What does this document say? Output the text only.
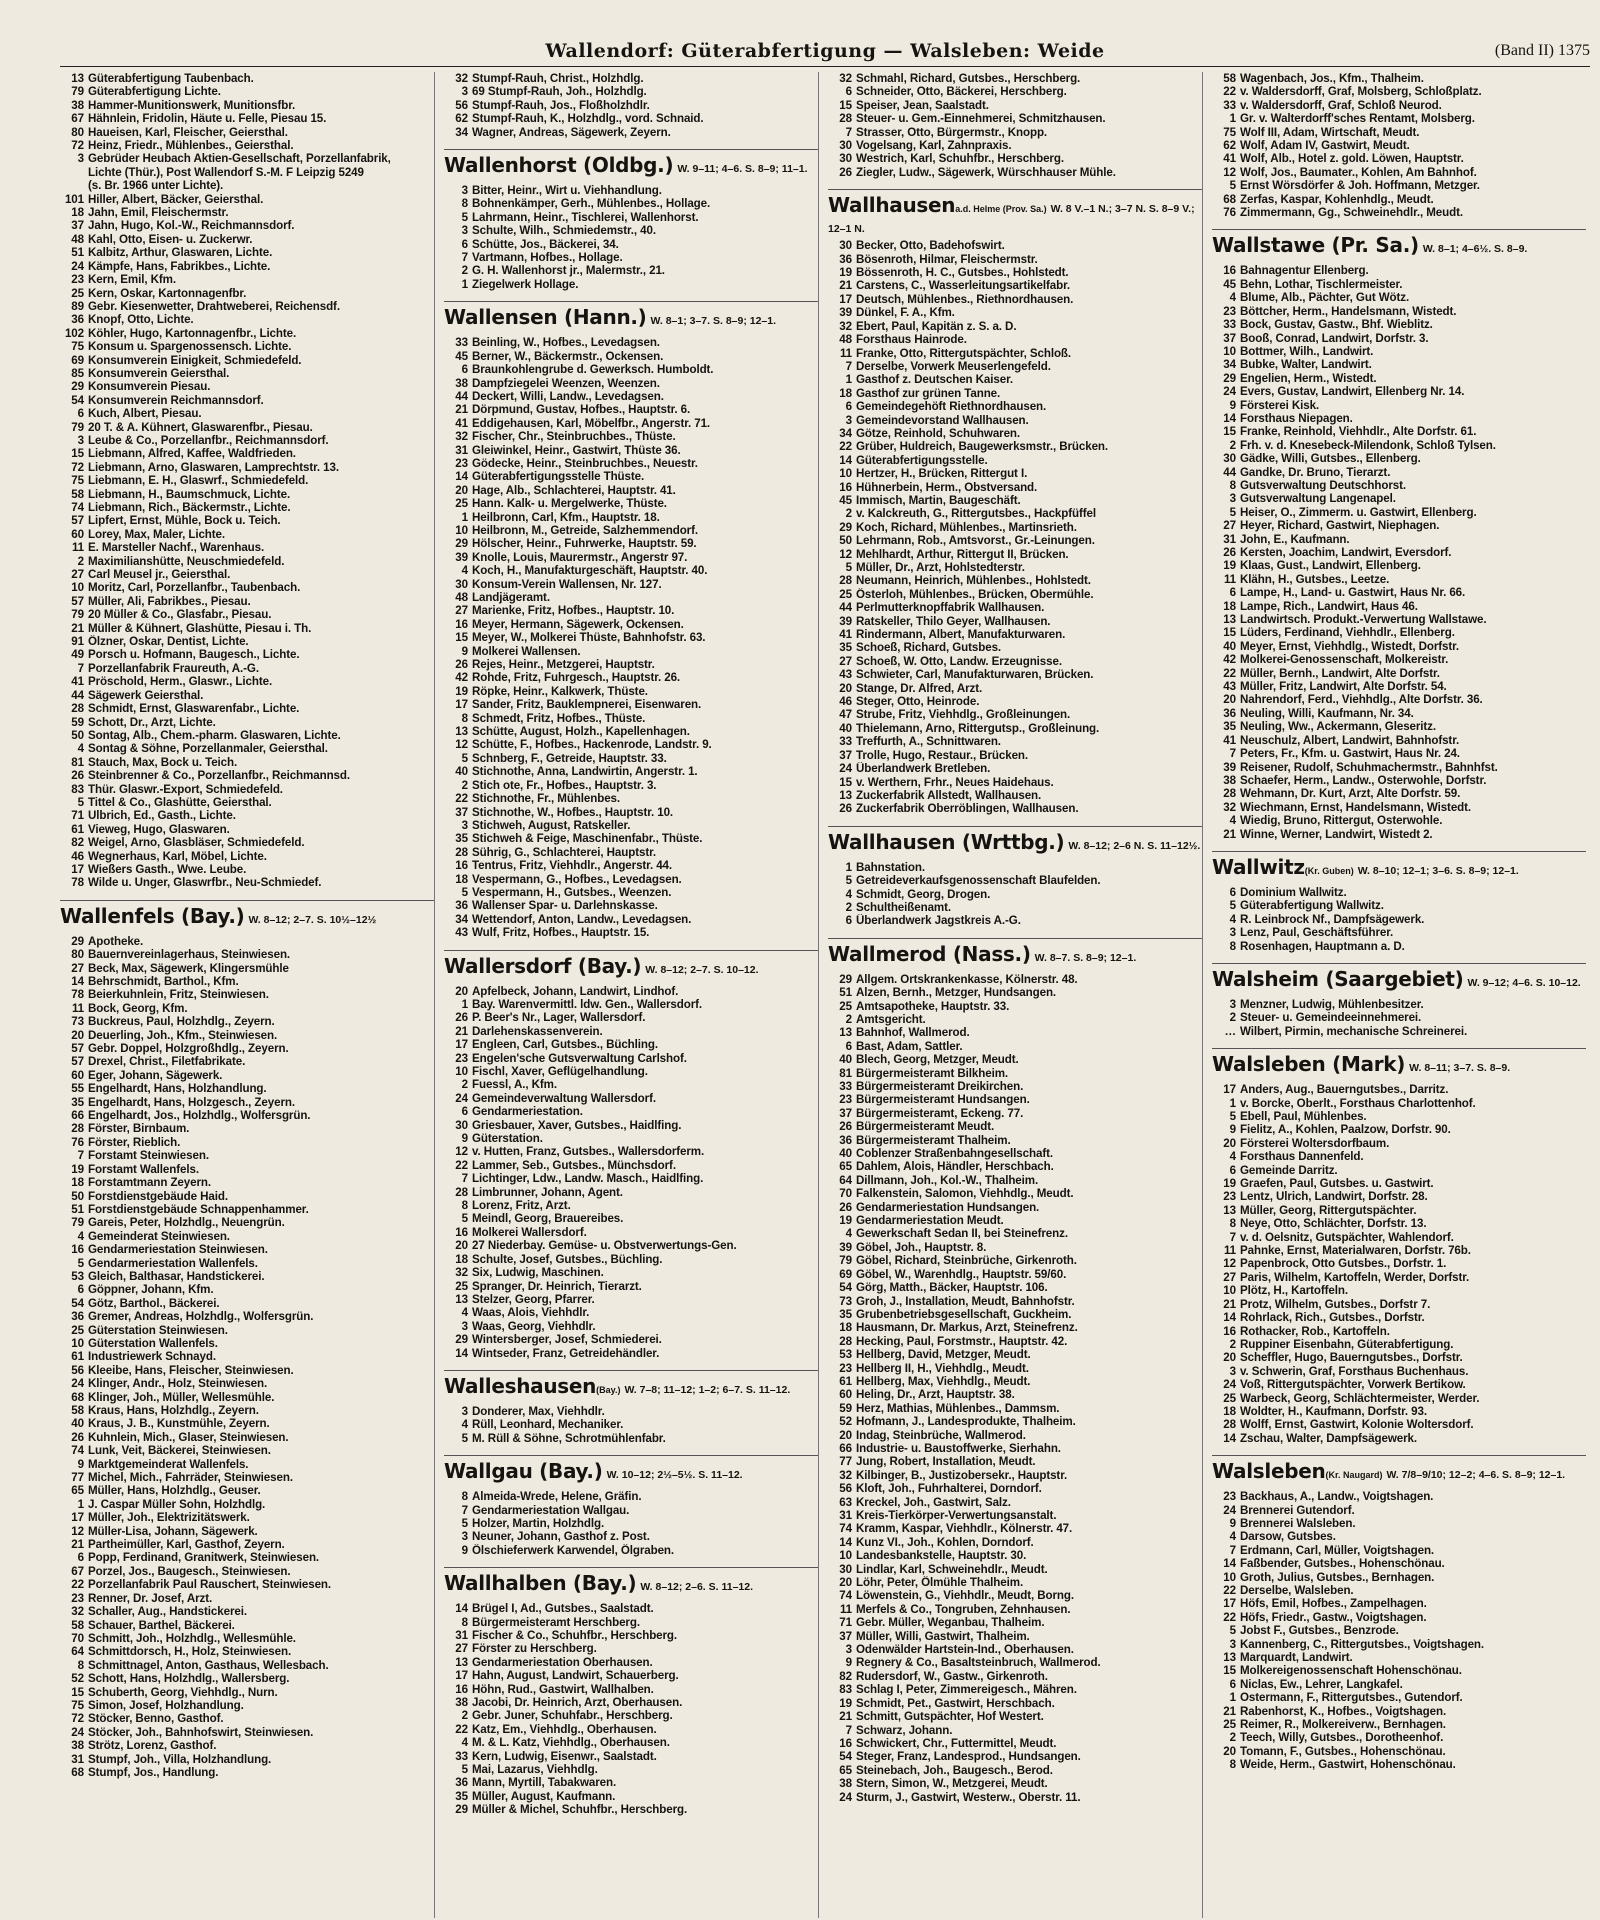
Wallendorf: Güterabfertigung — Walsleben: Weide	(Band II) 1375
13 Güterabfertigung Taubenbach.
79 Güterabfertigung Lichte.
38 Hammer-Munitionswerk, Munitionsfbr.
67 Hähnlein, Fridolin, Häute u. Felle, Piesau 15.
80 Haueisen, Karl, Fleischer, Geiersthal.
72 Heinz, Friedr., Mühlenbes., Geiersthal.
3 Gebrüder Heubach Aktien-Gesellschaft, Porzellanfabrik,
Lichte (Thür.), Post Wallendorf S.-M. F Leipzig 5249
(s. Br. 1966 unter Lichte).
101 Hiller, Albert, Bäcker, Geiersthal.
18 Jahn, Emil, Fleischermstr.
37 Jahn, Hugo, Kol.-W., Reichmannsdorf.
48 Kahl, Otto, Eisen- u. Zuckerwr.
51 Kalbitz, Arthur, Glaswaren, Lichte.
24 Kämpfe, Hans, Fabrikbes., Lichte.
23 Kern, Emil, Kfm.
25 Kern, Oskar, Kartonnagenfbr.
89 Gebr. Kiesenwetter, Drahtweberei, Reichensdf.
36 Knopf, Otto, Lichte.
102 Köhler, Hugo, Kartonnagenfbr., Lichte.
75 Konsum u. Spargenossensch. Lichte.
69 Konsumverein Einigkeit, Schmiedefeld.
85 Konsumverein Geiersthal.
29 Konsumverein Piesau.
54 Konsumverein Reichmannsdorf.
6 Kuch, Albert, Piesau.
79 20 T. & A. Kühnert, Glaswarenfbr., Piesau.
3 Leube & Co., Porzellanfbr., Reichmannsdorf.
15 Liebmann, Alfred, Kaffee, Waldfrieden.
72 Liebmann, Arno, Glaswaren, Lamprechtstr. 13.
75 Liebmann, E. H., Glaswrf., Schmiedefeld.
58 Liebmann, H., Baumschmuck, Lichte.
74 Liebmann, Rich., Bäckermstr., Lichte.
57 Lipfert, Ernst, Mühle, Bock u. Teich.
60 Lorey, Max, Maler, Lichte.
11 E. Marsteller Nachf., Warenhaus.
2 Maximilianshütte, Neuschmiedefeld.
27 Carl Meusel jr., Geiersthal.
10 Moritz, Carl, Porzellanfbr., Taubenbach.
57 Müller, Ali, Fabrikbes., Piesau.
79 20 Müller & Co., Glasfabr., Piesau.
21 Müller & Kühnert, Glashütte, Piesau i. Th.
91 Ölzner, Oskar, Dentist, Lichte.
49 Porsch u. Hofmann, Baugesch., Lichte.
7 Porzellanfabrik Fraureuth, A.-G.
41 Pröschold, Herm., Glaswr., Lichte.
44 Sägewerk Geiersthal.
28 Schmidt, Ernst, Glaswarenfabr., Lichte.
59 Schott, Dr., Arzt, Lichte.
50 Sontag, Alb., Chem.-pharm. Glaswaren, Lichte.
4 Sontag & Söhne, Porzellanmaler, Geiersthal.
81 Stauch, Max, Bock u. Teich.
26 Steinbrenner & Co., Porzellanfbr., Reichmannsd.
83 Thür. Glaswr.-Export, Schmiedefeld.
5 Tittel & Co., Glashütte, Geiersthal.
71 Ulbrich, Ed., Gasth., Lichte.
61 Vieweg, Hugo, Glaswaren.
82 Weigel, Arno, Glasbläser, Schmiedefeld.
46 Wegnerhaus, Karl, Möbel, Lichte.
17 Wießers Gasth., Wwe. Leube.
78 Wilde u. Unger, Glaswrfbr., Neu-Schmiedef.
Wallenfels (Bay.) W. 8–12; 2–7. S. 10½–12½
29 Apotheke.
80 Bauernvereinlagerhaus, Steinwiesen.
27 Beck, Max, Sägewerk, Klingersmühle
14 Behrschmidt, Barthol., Kfm.
78 Beierkuhnlein, Fritz, Steinwiesen.
11 Bock, Georg, Kfm.
73 Buckreus, Paul, Holzhdlg., Zeyern.
20 Deuerling, Joh., Kfm., Steinwiesen.
57 Gebr. Doppel, Holzgroßhdlg., Zeyern.
57 Drexel, Christ., Filetfabrikate.
60 Eger, Johann, Sägewerk.
55 Engelhardt, Hans, Holzhandlung.
35 Engelhardt, Hans, Holzgesch., Zeyern.
66 Engelhardt, Jos., Holzhdlg., Wolfersgrün.
28 Förster, Birnbaum.
76 Förster, Rieblich.
7 Forstamt Steinwiesen.
19 Forstamt Wallenfels.
18 Forstamtmann Zeyern.
50 Forstdienstgebäude Haid.
51 Forstdienstgebäude Schnappenhammer.
79 Gareis, Peter, Holzhdlg., Neuengrün.
4 Gemeinderat Steinwiesen.
16 Gendarmeriestation Steinwiesen.
5 Gendarmeriestation Wallenfels.
53 Gleich, Balthasar, Handstickerei.
6 Göppner, Johann, Kfm.
54 Götz, Barthol., Bäckerei.
36 Gremer, Andreas, Holzhdlg., Wolfersgrün.
25 Güterstation Steinwiesen.
10 Güterstation Wallenfels.
61 Industriewerk Schnayd.
56 Kleeibe, Hans, Fleischer, Steinwiesen.
24 Klinger, Andr., Holz, Steinwiesen.
68 Klinger, Joh., Müller, Wellesmühle.
58 Kraus, Hans, Holzhdlg., Zeyern.
40 Kraus, J. B., Kunstmühle, Zeyern.
26 Kuhnlein, Mich., Glaser, Steinwiesen.
74 Lunk, Veit, Bäckerei, Steinwiesen.
9 Marktgemeinderat Wallenfels.
77 Michel, Mich., Fahrräder, Steinwiesen.
65 Müller, Hans, Holzhdlg., Geuser.
1 J. Caspar Müller Sohn, Holzhdlg.
17 Müller, Joh., Elektrizitätswerk.
12 Müller-Lisa, Johann, Sägewerk.
21 Partheimüller, Karl, Gasthof, Zeyern.
6 Popp, Ferdinand, Granitwerk, Steinwiesen.
67 Porzel, Jos., Baugesch., Steinwiesen.
22 Porzellanfabrik Paul Rauschert, Steinwiesen.
23 Renner, Dr. Josef, Arzt.
32 Schaller, Aug., Handstickerei.
58 Schauer, Barthel, Bäckerei.
70 Schmitt, Joh., Holzhdlg., Wellesmühle.
64 Schmittdorsch, H., Holz, Steinwiesen.
8 Schmittnagel, Anton, Gasthaus, Wellesbach.
52 Schott, Hans, Holzhdlg., Wallersberg.
15 Schuberth, Georg, Viehhdlg., Nurn.
75 Simon, Josef, Holzhandlung.
72 Stöcker, Benno, Gasthof.
24 Stöcker, Joh., Bahnhofswirt, Steinwiesen.
38 Strötz, Lorenz, Gasthof.
31 Stumpf, Joh., Villa, Holzhandlung.
68 Stumpf, Jos., Handlung.
32 Stumpf-Rauh, Christ., Holzhdlg.
3 69 Stumpf-Rauh, Joh., Holzhdlg.
56 Stumpf-Rauh, Jos., Floßholzhdlr.
62 Stumpf-Rauh, K., Holzhdlg., vord. Schnaid.
34 Wagner, Andreas, Sägewerk, Zeyern.
Wallenhorst (Oldbg.) W. 9–11; 4–6. S. 8–9; 11–1.
3 Bitter, Heinr., Wirt u. Viehhandlung.
8 Bohnenkämper, Gerh., Mühlenbes., Hollage.
5 Lahrmann, Heinr., Tischlerei, Wallenhorst.
3 Schulte, Wilh., Schmiedemstr., 40.
6 Schütte, Jos., Bäckerei, 34.
7 Vartmann, Hofbes., Hollage.
2 G. H. Wallenhorst jr., Malermstr., 21.
1 Ziegelwerk Hollage.
Wallensen (Hann.) W. 8–1; 3–7. S. 8–9; 12–1.
33 Beinling, W., Hofbes., Levedagsen.
45 Berner, W., Bäckermstr., Ockensen.
6 Braunkohlengrube d. Gewerksch. Humboldt.
38 Dampfziegelei Weenzen, Weenzen.
44 Deckert, Willi, Landw., Levedagsen.
21 Dörpmund, Gustav, Hofbes., Hauptstr. 6.
41 Eddigehausen, Karl, Möbelfbr., Angerstr. 71.
32 Fischer, Chr., Steinbruchbes., Thüste.
31 Gleiwinkel, Heinr., Gastwirt, Thüste 36.
23 Gödecke, Heinr., Steinbruchbes., Neuestr.
14 Güterabfertigungsstelle Thüste.
20 Hage, Alb., Schlachterei, Hauptstr. 41.
25 Hann. Kalk- u. Mergelwerke, Thüste.
1 Heilbronn, Carl, Kfm., Hauptstr. 18.
10 Heilbronn, M., Getreide, Salzhemmendorf.
29 Hölscher, Heinr., Fuhrwerke, Hauptstr. 59.
39 Knolle, Louis, Maurermstr., Angerstr 97.
4 Koch, H., Manufakturgeschäft, Hauptstr. 40.
30 Konsum-Verein Wallensen, Nr. 127.
48 Landjägeramt.
27 Marienke, Fritz, Hofbes., Hauptstr. 10.
16 Meyer, Hermann, Sägewerk, Ockensen.
15 Meyer, W., Molkerei Thüste, Bahnhofstr. 63.
9 Molkerei Wallensen.
26 Rejes, Heinr., Metzgerei, Hauptstr.
42 Rohde, Fritz, Fuhrgesch., Hauptstr. 26.
19 Röpke, Heinr., Kalkwerk, Thüste.
17 Sander, Fritz, Bauklempnerei, Eisenwaren.
8 Schmedt, Fritz, Hofbes., Thüste.
13 Schütte, August, Holzh., Kapellenhagen.
12 Schütte, F., Hofbes., Hackenrode, Landstr. 9.
5 Schnberg, F., Getreide, Hauptstr. 33.
40 Stichnothe, Anna, Landwirtin, Angerstr. 1.
2 Stich ote, Fr., Hofbes., Hauptstr. 3.
22 Stichnothe, Fr., Mühlenbes.
37 Stichnothe, W., Hofbes., Hauptstr. 10.
3 Stichweh, August, Ratskeller.
35 Stichweh & Feige, Maschinenfabr., Thüste.
28 Sührig, G., Schlachterei, Hauptstr.
16 Tentrus, Fritz, Viehhdlr., Angerstr. 44.
18 Vespermann, G., Hofbes., Levedagsen.
5 Vespermann, H., Gutsbes., Weenzen.
36 Wallenser Spar- u. Darlehnskasse.
34 Wettendorf, Anton, Landw., Levedagsen.
43 Wulf, Fritz, Hofbes., Hauptstr. 15.
Wallersdorf (Bay.) W. 8–12; 2–7. S. 10–12.
20 Apfelbeck, Johann, Landwirt, Lindhof.
1 Bay. Warenvermittl. ldw. Gen., Wallersdorf.
26 P. Beer's Nr., Lager, Wallersdorf.
21 Darlehenskassenverein.
17 Engleen, Carl, Gutsbes., Büchling.
23 Engelen'sche Gutsverwaltung Carlshof.
10 Fischl, Xaver, Geflügelhandlung.
2 Fuessl, A., Kfm.
24 Gemeindeverwaltung Wallersdorf.
6 Gendarmeriestation.
30 Griesbauer, Xaver, Gutsbes., Haidlfing.
9 Güterstation.
12 v. Hutten, Franz, Gutsbes., Wallersdorferm.
22 Lammer, Seb., Gutsbes., Münchsdorf.
7 Lichtinger, Ldw., Landw. Masch., Haidlfing.
28 Limbrunner, Johann, Agent.
8 Lorenz, Fritz, Arzt.
5 Meindl, Georg, Brauereibes.
16 Molkerei Wallersdorf.
20 27 Niederbay. Gemüse- u. Obstverwertungs-Gen.
18 Schulte, Josef, Gutsbes., Büchling.
32 Six, Ludwig, Maschinen.
25 Spranger, Dr. Heinrich, Tierarzt.
13 Stelzer, Georg, Pfarrer.
4 Waas, Alois, Viehhdlr.
3 Waas, Georg, Viehhdlr.
29 Wintersberger, Josef, Schmiederei.
14 Wintseder, Franz, Getreidehändler.
Walleshausen(Bay.) W. 7–8; 11–12; 1–2; 6–7. S. 11–12.
3 Donderer, Max, Viehhdlr.
4 Rüll, Leonhard, Mechaniker.
5 M. Rüll & Söhne, Schrotmühlenfabr.
Wallgau (Bay.) W. 10–12; 2½–5½. S. 11–12.
8 Almeida-Wrede, Helene, Gräfin.
7 Gendarmeriestation Wallgau.
5 Holzer, Martin, Holzhdlg.
3 Neuner, Johann, Gasthof z. Post.
9 Ölschieferwerk Karwendel, Ölgraben.
Wallhalben (Bay.) W. 8–12; 2–6. S. 11–12.
14 Brügel I, Ad., Gutsbes., Saalstadt.
8 Bürgermeisteramt Herschberg.
31 Fischer & Co., Schuhfbr., Herschberg.
27 Förster zu Herschberg.
13 Gendarmeriestation Oberhausen.
17 Hahn, August, Landwirt, Schauerberg.
16 Höhn, Rud., Gastwirt, Wallhalben.
38 Jacobi, Dr. Heinrich, Arzt, Oberhausen.
2 Gebr. Juner, Schuhfabr., Herschberg.
22 Katz, Em., Viehhdlg., Oberhausen.
4 M. & L. Katz, Viehhdlg., Oberhausen.
33 Kern, Ludwig, Eisenwr., Saalstadt.
5 Mai, Lazarus, Viehhdlg.
36 Mann, Myrtill, Tabakwaren.
35 Müller, August, Kaufmann.
29 Müller & Michel, Schuhfbr., Herschberg.
32 Schmahl, Richard, Gutsbes., Herschberg.
6 Schneider, Otto, Bäckerei, Herschberg.
15 Speiser, Jean, Saalstadt.
28 Steuer- u. Gem.-Einnehmerei, Schmitzhausen.
7 Strasser, Otto, Bürgermstr., Knopp.
30 Vogelsang, Karl, Zahnpraxis.
30 Westrich, Karl, Schuhfbr., Herschberg.
26 Ziegler, Ludw., Sägewerk, Würschhauser Mühle.
Wallhausena.d. Helme (Prov. Sa.) W. 8 V.–1 N.; 3–7 N. S. 8–9 V.; 12–1 N.
30 Becker, Otto, Badehofswirt.
36 Bösenroth, Hilmar, Fleischermstr.
19 Bössenroth, H. C., Gutsbes., Hohlstedt.
21 Carstens, C., Wasserleitungsartikelfabr.
17 Deutsch, Mühlenbes., Riethnordhausen.
39 Dünkel, F. A., Kfm.
32 Ebert, Paul, Kapitän z. S. a. D.
48 Forsthaus Hainrode.
11 Franke, Otto, Rittergutspächter, Schloß.
7 Derselbe, Vorwerk Meuserlengefeld.
1 Gasthof z. Deutschen Kaiser.
18 Gasthof zur grünen Tanne.
6 Gemeindegehöft Riethnordhausen.
3 Gemeindevorstand Wallhausen.
34 Götze, Reinhold, Schuhwaren.
22 Grüber, Huldreich, Baugewerksmstr., Brücken.
14 Güterabfertigungsstelle.
10 Hertzer, H., Brücken, Rittergut I.
16 Hühnerbein, Herm., Obstversand.
45 Immisch, Martin, Baugeschäft.
2 v. Kalckreuth, G., Rittergutsbes., Hackpfüffel
29 Koch, Richard, Mühlenbes., Martinsrieth.
50 Lehrmann, Rob., Amtsvorst., Gr.-Leinungen.
12 Mehlhardt, Arthur, Rittergut II, Brücken.
5 Müller, Dr., Arzt, Hohlstedterstr.
28 Neumann, Heinrich, Mühlenbes., Hohlstedt.
25 Österloh, Mühlenbes., Brücken, Obermühle.
44 Perlmutterknopffabrik Wallhausen.
39 Ratskeller, Thilo Geyer, Wallhausen.
41 Rindermann, Albert, Manufakturwaren.
35 Schoeß, Richard, Gutsbes.
27 Schoeß, W. Otto, Landw. Erzeugnisse.
43 Schwieter, Carl, Manufakturwaren, Brücken.
20 Stange, Dr. Alfred, Arzt.
46 Steger, Otto, Heinrode.
47 Strube, Fritz, Viehhdlg., Großleinungen.
40 Thielemann, Arno, Rittergutsp., Großleinung.
33 Treffurth, A., Schnittwaren.
37 Trolle, Hugo, Restaur., Brücken.
24 Überlandwerk Bretleben.
15 v. Werthern, Frhr., Neues Haidehaus.
13 Zuckerfabrik Allstedt, Wallhausen.
26 Zuckerfabrik Oberröblingen, Wallhausen.
Wallhausen (Wrttbg.) W. 8–12; 2–6 N. S. 11–12½.
1 Bahnstation.
5 Getreideverkaufsgenossenschaft Blaufelden.
4 Schmidt, Georg, Drogen.
2 Schultheißenamt.
6 Überlandwerk Jagstkreis A.-G.
Wallmerod (Nass.) W. 8–7. S. 8–9; 12–1.
29 Allgem. Ortskrankenkasse, Kölnerstr. 48.
51 Alzen, Bernh., Metzger, Hundsangen.
25 Amtsapotheke, Hauptstr. 33.
2 Amtsgericht.
13 Bahnhof, Wallmerod.
6 Bast, Adam, Sattler.
40 Blech, Georg, Metzger, Meudt.
81 Bürgermeisteramt Bilkheim.
33 Bürgermeisteramt Dreikirchen.
23 Bürgermeisteramt Hundsangen.
37 Bürgermeisteramt, Eckeng. 77.
26 Bürgermeisteramt Meudt.
36 Bürgermeisteramt Thalheim.
40 Coblenzer Straßenbahngesellschaft.
65 Dahlem, Alois, Händler, Herschbach.
64 Dillmann, Joh., Kol.-W., Thalheim.
70 Falkenstein, Salomon, Viehhdlg., Meudt.
26 Gendarmeriestation Hundsangen.
19 Gendarmeriestation Meudt.
4 Gewerkschaft Sedan II, bei Steinefrenz.
39 Göbel, Joh., Hauptstr. 8.
79 Göbel, Richard, Steinbrüche, Girkenroth.
69 Göbel, W., Warenhdlg., Hauptstr. 59/60.
54 Görg, Matth., Bäcker, Hauptstr. 106.
73 Groh, J., Installation, Meudt, Bahnhofstr.
35 Grubenbetriebsgesellschaft, Guckheim.
18 Hausmann, Dr. Markus, Arzt, Steinefrenz.
28 Hecking, Paul, Forstmstr., Hauptstr. 42.
53 Hellberg, David, Metzger, Meudt.
23 Hellberg II, H., Viehhdlg., Meudt.
61 Hellberg, Max, Viehhdlg., Meudt.
60 Heling, Dr., Arzt, Hauptstr. 38.
59 Herz, Mathias, Mühlenbes., Dammsm.
52 Hofmann, J., Landesprodukte, Thalheim.
20 Indag, Steinbrüche, Wallmerod.
66 Industrie- u. Baustoffwerke, Sierhahn.
77 Jung, Robert, Installation, Meudt.
32 Kilbinger, B., Justizobersekr., Hauptstr.
56 Kloft, Joh., Fuhrhalterei, Dorndorf.
63 Kreckel, Joh., Gastwirt, Salz.
31 Kreis-Tierkörper-Verwertungsanstalt.
74 Kramm, Kaspar, Viehhdlr., Kölnerstr. 47.
14 Kunz VI., Joh., Kohlen, Dorndorf.
10 Landesbankstelle, Hauptstr. 30.
30 Lindlar, Karl, Schweinehdlr., Meudt.
20 Löhr, Peter, Ölmühle Thalheim.
74 Löwenstein, G., Viehhdlr., Meudt, Borng.
11 Merfels & Co., Tongruben, Zehnhausen.
71 Gebr. Müller, Weganbau, Thalheim.
37 Müller, Willi, Gastwirt, Thalheim.
3 Odenwälder Hartstein-Ind., Oberhausen.
9 Regnery & Co., Basaltsteinbruch, Wallmerod.
82 Rudersdorf, W., Gastw., Girkenroth.
83 Schlag I, Peter, Zimmereigesch., Mähren.
19 Schmidt, Pet., Gastwirt, Herschbach.
21 Schmitt, Gutspächter, Hof Westert.
7 Schwarz, Johann.
16 Schwickert, Chr., Futtermittel, Meudt.
54 Steger, Franz, Landesprod., Hundsangen.
65 Steinebach, Joh., Baugesch., Berod.
38 Stern, Simon, W., Metzgerei, Meudt.
24 Sturm, J., Gastwirt, Westerw., Oberstr. 11.
58 Wagenbach, Jos., Kfm., Thalheim.
22 v. Waldersdorff, Graf, Molsberg, Schloßplatz.
33 v. Waldersdorff, Graf, Schloß Neurod.
1 Gr. v. Walterdorff'sches Rentamt, Molsberg.
75 Wolf III, Adam, Wirtschaft, Meudt.
62 Wolf, Adam IV, Gastwirt, Meudt.
41 Wolf, Alb., Hotel z. gold. Löwen, Hauptstr.
12 Wolf, Jos., Baumater., Kohlen, Am Bahnhof.
5 Ernst Wörsdörfer & Joh. Hoffmann, Metzger.
68 Zerfas, Kaspar, Kohlenhdlg., Meudt.
76 Zimmermann, Gg., Schweinehdlr., Meudt.
Wallstawe (Pr. Sa.) W. 8–1; 4–6½. S. 8–9.
16 Bahnagentur Ellenberg.
45 Behn, Lothar, Tischlermeister.
4 Blume, Alb., Pächter, Gut Wötz.
23 Böttcher, Herm., Handelsmann, Wistedt.
33 Bock, Gustav, Gastw., Bhf. Wieblitz.
37 Booß, Conrad, Landwirt, Dorfstr. 3.
10 Bottmer, Wilh., Landwirt.
34 Bubke, Walter, Landwirt.
29 Engelien, Herm., Wistedt.
24 Evers, Gustav, Landwirt, Ellenberg Nr. 14.
9 Försterei Kisk.
14 Forsthaus Niepagen.
15 Franke, Reinhold, Viehhdlr., Alte Dorfstr. 61.
2 Frh. v. d. Knesebeck-Milendonk, Schloß Tylsen.
30 Gädke, Willi, Gutsbes., Ellenberg.
44 Gandke, Dr. Bruno, Tierarzt.
8 Gutsverwaltung Deutschhorst.
3 Gutsverwaltung Langenapel.
5 Heiser, O., Zimmerm. u. Gastwirt, Ellenberg.
27 Heyer, Richard, Gastwirt, Niephagen.
31 John, E., Kaufmann.
26 Kersten, Joachim, Landwirt, Eversdorf.
19 Klaas, Gust., Landwirt, Ellenberg.
11 Klähn, H., Gutsbes., Leetze.
6 Lampe, H., Land- u. Gastwirt, Haus Nr. 66.
18 Lampe, Rich., Landwirt, Haus 46.
13 Landwirtsch. Produkt.-Verwertung Wallstawe.
15 Lüders, Ferdinand, Viehhdlr., Ellenberg.
40 Meyer, Ernst, Viehhdlg., Wistedt, Dorfstr.
42 Molkerei-Genossenschaft, Molkereistr.
22 Müller, Bernh., Landwirt, Alte Dorfstr.
43 Müller, Fritz, Landwirt, Alte Dorfstr. 54.
20 Nahrendorf, Ferd., Viehhdlg., Alte Dorfstr. 36.
36 Neuling, Willi, Kaufmann, Nr. 34.
35 Neuling, Ww., Ackermann, Gleseritz.
41 Neuschulz, Albert, Landwirt, Bahnhofstr.
7 Peters, Fr., Kfm. u. Gastwirt, Haus Nr. 24.
39 Reisener, Rudolf, Schuhmachermstr., Bahnhfst.
38 Schaefer, Herm., Landw., Osterwohle, Dorfstr.
28 Wehmann, Dr. Kurt, Arzt, Alte Dorfstr. 59.
32 Wiechmann, Ernst, Handelsmann, Wistedt.
4 Wiedig, Bruno, Rittergut, Osterwohle.
21 Winne, Werner, Landwirt, Wistedt 2.
Wallwitz(Kr. Guben) W. 8–10; 12–1; 3–6. S. 8–9; 12–1.
6 Dominium Wallwitz.
5 Güterabfertigung Wallwitz.
4 R. Leinbrock Nf., Dampfsägewerk.
3 Lenz, Paul, Geschäftsführer.
8 Rosenhagen, Hauptmann a. D.
Walsheim (Saargebiet) W. 9–12; 4–6. S. 10–12.
3 Menzner, Ludwig, Mühlenbesitzer.
2 Steuer- u. Gemeindeeinnehmerei.
… Wilbert, Pirmin, mechanische Schreinerei.
Walsleben (Mark) W. 8–11; 3–7. S. 8–9.
17 Anders, Aug., Bauerngutsbes., Darritz.
1 v. Borcke, Oberlt., Forsthaus Charlottenhof.
5 Ebell, Paul, Mühlenbes.
9 Fielitz, A., Kohlen, Paalzow, Dorfstr. 90.
20 Försterei Woltersdorfbaum.
4 Forsthaus Dannenfeld.
6 Gemeinde Darritz.
19 Graefen, Paul, Gutsbes. u. Gastwirt.
23 Lentz, Ulrich, Landwirt, Dorfstr. 28.
13 Müller, Georg, Rittergutspächter.
8 Neye, Otto, Schlächter, Dorfstr. 13.
7 v. d. Oelsnitz, Gutspächter, Wahlendorf.
11 Pahnke, Ernst, Materialwaren, Dorfstr. 76b.
12 Papenbrock, Otto Gutsbes., Dorfstr. 1.
27 Paris, Wilhelm, Kartoffeln, Werder, Dorfstr.
10 Plötz, H., Kartoffeln.
21 Protz, Wilhelm, Gutsbes., Dorfstr 7.
14 Rohrlack, Rich., Gutsbes., Dorfstr.
16 Rothacker, Rob., Kartoffeln.
2 Ruppiner Eisenbahn, Güterabfertigung.
20 Scheffler, Hugo, Bauerngutsbes., Dorfstr.
3 v. Schwerin, Graf, Forsthaus Buchenhaus.
24 Voß, Rittergutspächter, Vorwerk Bertikow.
25 Warbeck, Georg, Schlächtermeister, Werder.
18 Woldter, H., Kaufmann, Dorfstr. 93.
28 Wolff, Ernst, Gastwirt, Kolonie Woltersdorf.
14 Zschau, Walter, Dampfsägewerk.
Walsleben(Kr. Naugard) W. 7/8–9/10; 12–2; 4–6. S. 8–9; 12–1.
23 Backhaus, A., Landw., Voigtshagen.
24 Brennerei Gutendorf.
9 Brennerei Walsleben.
4 Darsow, Gutsbes.
7 Erdmann, Carl, Müller, Voigtshagen.
14 Faßbender, Gutsbes., Hohenschönau.
10 Groth, Julius, Gutsbes., Bernhagen.
22 Derselbe, Walsleben.
17 Höfs, Emil, Hofbes., Zampelhagen.
22 Höfs, Friedr., Gastw., Voigtshagen.
5 Jobst F., Gutsbes., Benzrode.
3 Kannenberg, C., Rittergutsbes., Voigtshagen.
13 Marquardt, Landwirt.
15 Molkereigenossenschaft Hohenschönau.
6 Niclas, Ew., Lehrer, Langkafel.
1 Ostermann, F., Rittergutsbes., Gutendorf.
21 Rabenhorst, K., Hofbes., Voigtshagen.
25 Reimer, R., Molkereiverw., Bernhagen.
2 Teech, Willy, Gutsbes., Dorotheenhof.
20 Tomann, F., Gutsbes., Hohenschönau.
8 Weide, Herm., Gastwirt, Hohenschönau.
